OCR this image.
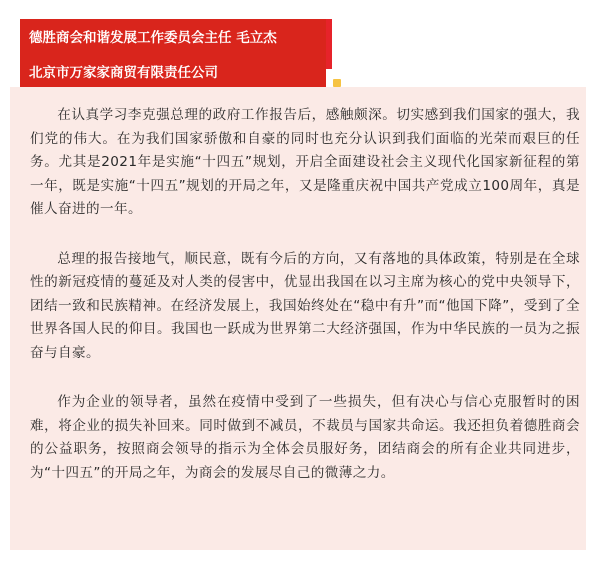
德胜商会和谐发展工作委员会主任 毛立杰
北京市万家家商贸有限责任公司

在认真学习李克强总理的政府工作报告后，感触颇深。切实感到我们国家的强大，我们党的伟大。在为我们国家骄傲和自豪的同时也充分认识到我们面临的光荣而艰巨的任务。尤其是2021年是实施“十四五”规划，开启全面建设社会主义现代化国家新征程的第一年，既是实施“十四五”规划的开局之年，又是隆重庆祝中国共产党成立100周年，真是催人奋进的一年。

总理的报告接地气，顺民意，既有今后的方向，又有落地的具体政策，特别是在全球性的新冠疫情的蔓延及对人类的侵害中，优显出我国在以习主席为核心的党中央领导下，团结一致和民族精神。在经济发展上，我国始终处在“稳中有升”而“他国下降”，受到了全世界各国人民的仰目。我国也一跃成为世界第二大经济强国，作为中华民族的一员为之振奋与自豪。

作为企业的领导者，虽然在疫情中受到了一些损失，但有决心与信心克服暂时的困难，将企业的损失补回来。同时做到不减员，不裁员与国家共命运。我还担负着德胜商会的公益职务，按照商会领导的指示为全体会员服好务，团结商会的所有企业共同进步，为“十四五”的开局之年，为商会的发展尽自己的微薄之力。
